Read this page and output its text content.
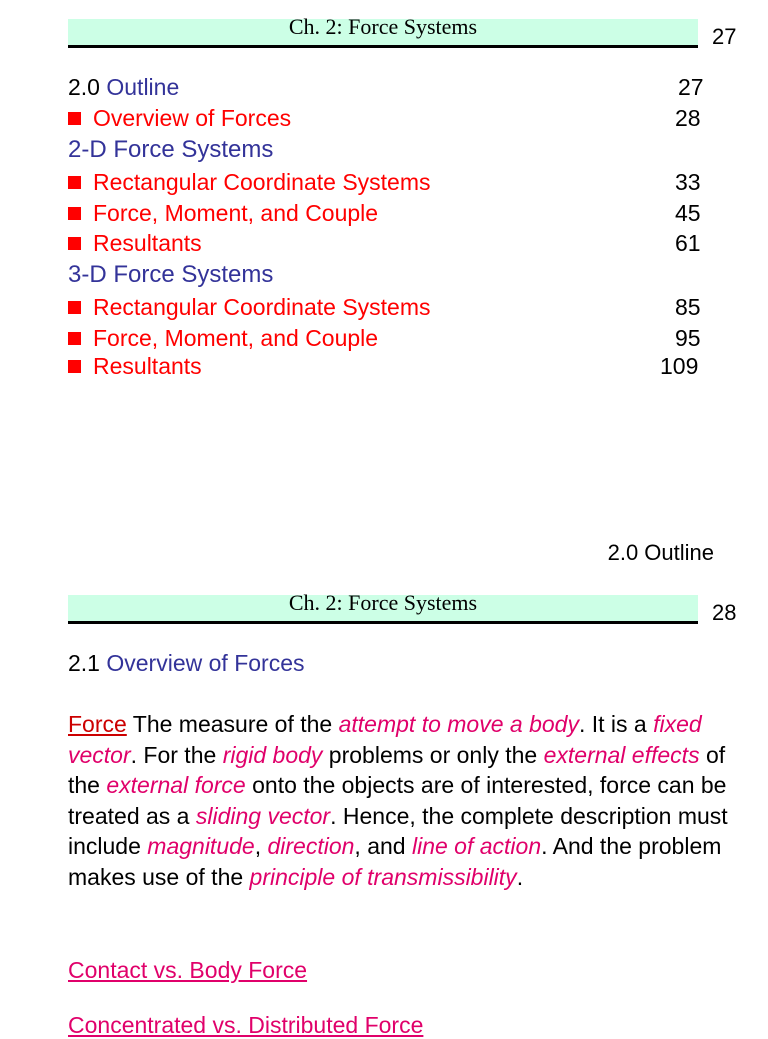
Ch. 2: Force Systems	27
2.0 Outline	27
Overview of Forces	28
2-D Force Systems
Rectangular Coordinate Systems	33
Force, Moment, and Couple	45
Resultants	61
3-D Force Systems
Rectangular Coordinate Systems	85
Force, Moment, and Couple	95
Resultants	109
2.0 Outline
Ch. 2: Force Systems	28
2.1 Overview of Forces
Force The measure of the attempt to move a body. It is a fixed vector. For the rigid body problems or only the external effects of the external force onto the objects are of interested, force can be treated as a sliding vector. Hence, the complete description must include magnitude, direction, and line of action. And the problem makes use of the principle of transmissibility.
Contact vs. Body Force
Concentrated vs. Distributed Force
